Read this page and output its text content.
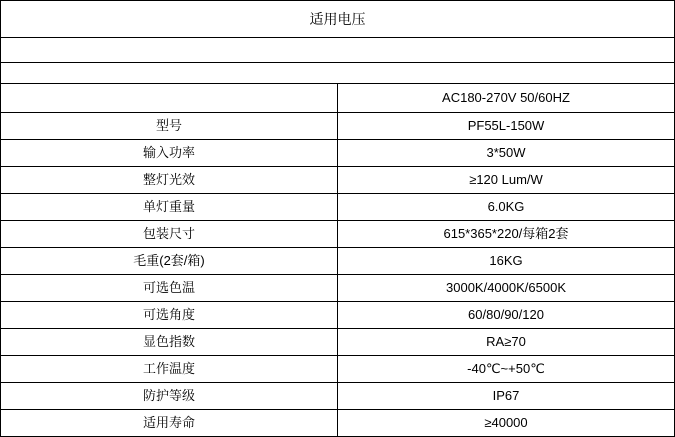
适用电压	

	AC180-270V 50/60HZ
型号	PF55L-150W
输入功率	3*50W
整灯光效	≥120 Lum/W
单灯重量	6.0KG
包装尺寸	615*365*220/每箱2套
毛重(2套/箱)	16KG
可选色温	3000K/4000K/6500K
可选角度	60/80/90/120
显色指数	RA≥70
工作温度	-40℃~+50℃
防护等级	IP67
适用寿命	≥40000
